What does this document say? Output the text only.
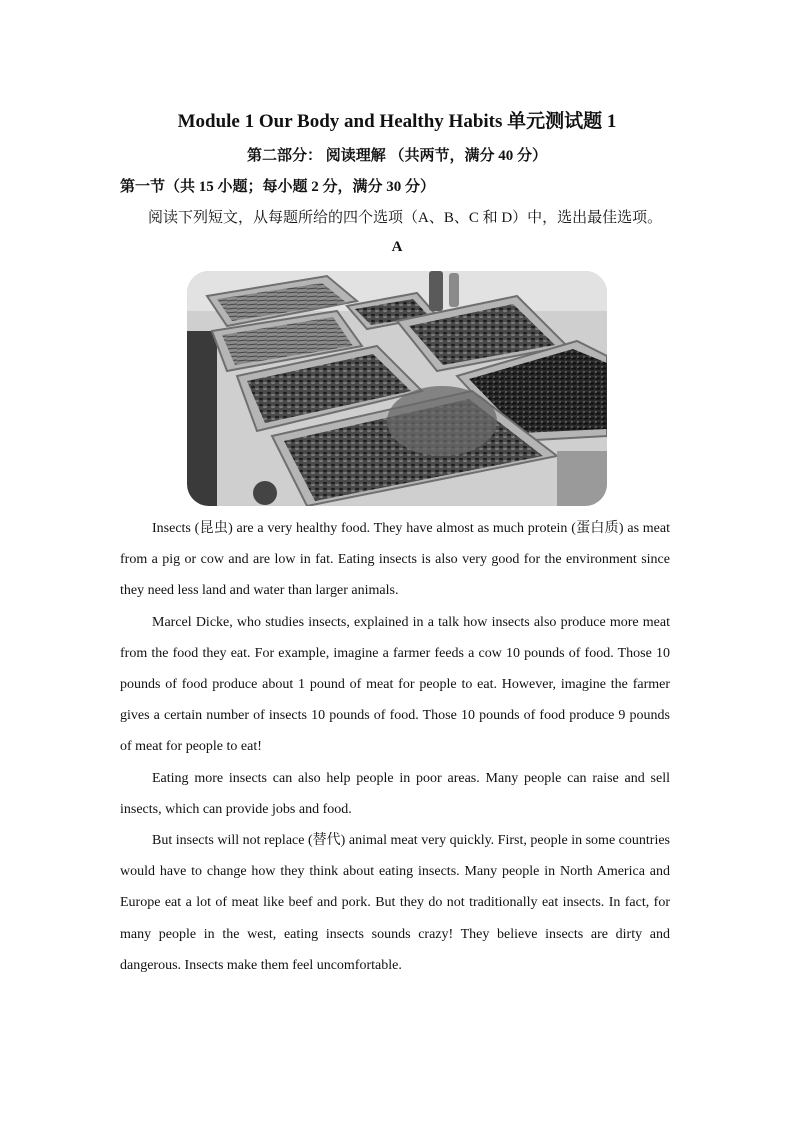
Module 1 Our Body and Healthy Habits 单元测试题 1
第二部分： 阅读理解 （共两节，满分 40 分）
第一节（共 15 小题；每小题 2 分，满分 30 分）
阅读下列短文，从每题所给的四个选项（A、B、C 和 D）中，选出最佳选项。
A

Insects (昆虫) are a very healthy food. They have almost as much protein (蛋白质) as meat from a pig or cow and are low in fat. Eating insects is also very good for the environment since they need less land and water than larger animals.

Marcel Dicke, who studies insects, explained in a talk how insects also produce more meat from the food they eat. For example, imagine a farmer feeds a cow 10 pounds of food. Those 10 pounds of food produce about 1 pound of meat for people to eat. However, imagine the farmer gives a certain number of insects 10 pounds of food. Those 10 pounds of food produce 9 pounds of meat for people to eat!

Eating more insects can also help people in poor areas. Many people can raise and sell insects, which can provide jobs and food.

But insects will not replace (替代) animal meat very quickly. First, people in some countries would have to change how they think about eating insects. Many people in North America and Europe eat a lot of meat like beef and pork. But they do not traditionally eat insects. In fact, for many people in the west, eating insects sounds crazy! They believe insects are dirty and dangerous. Insects make them feel uncomfortable.
